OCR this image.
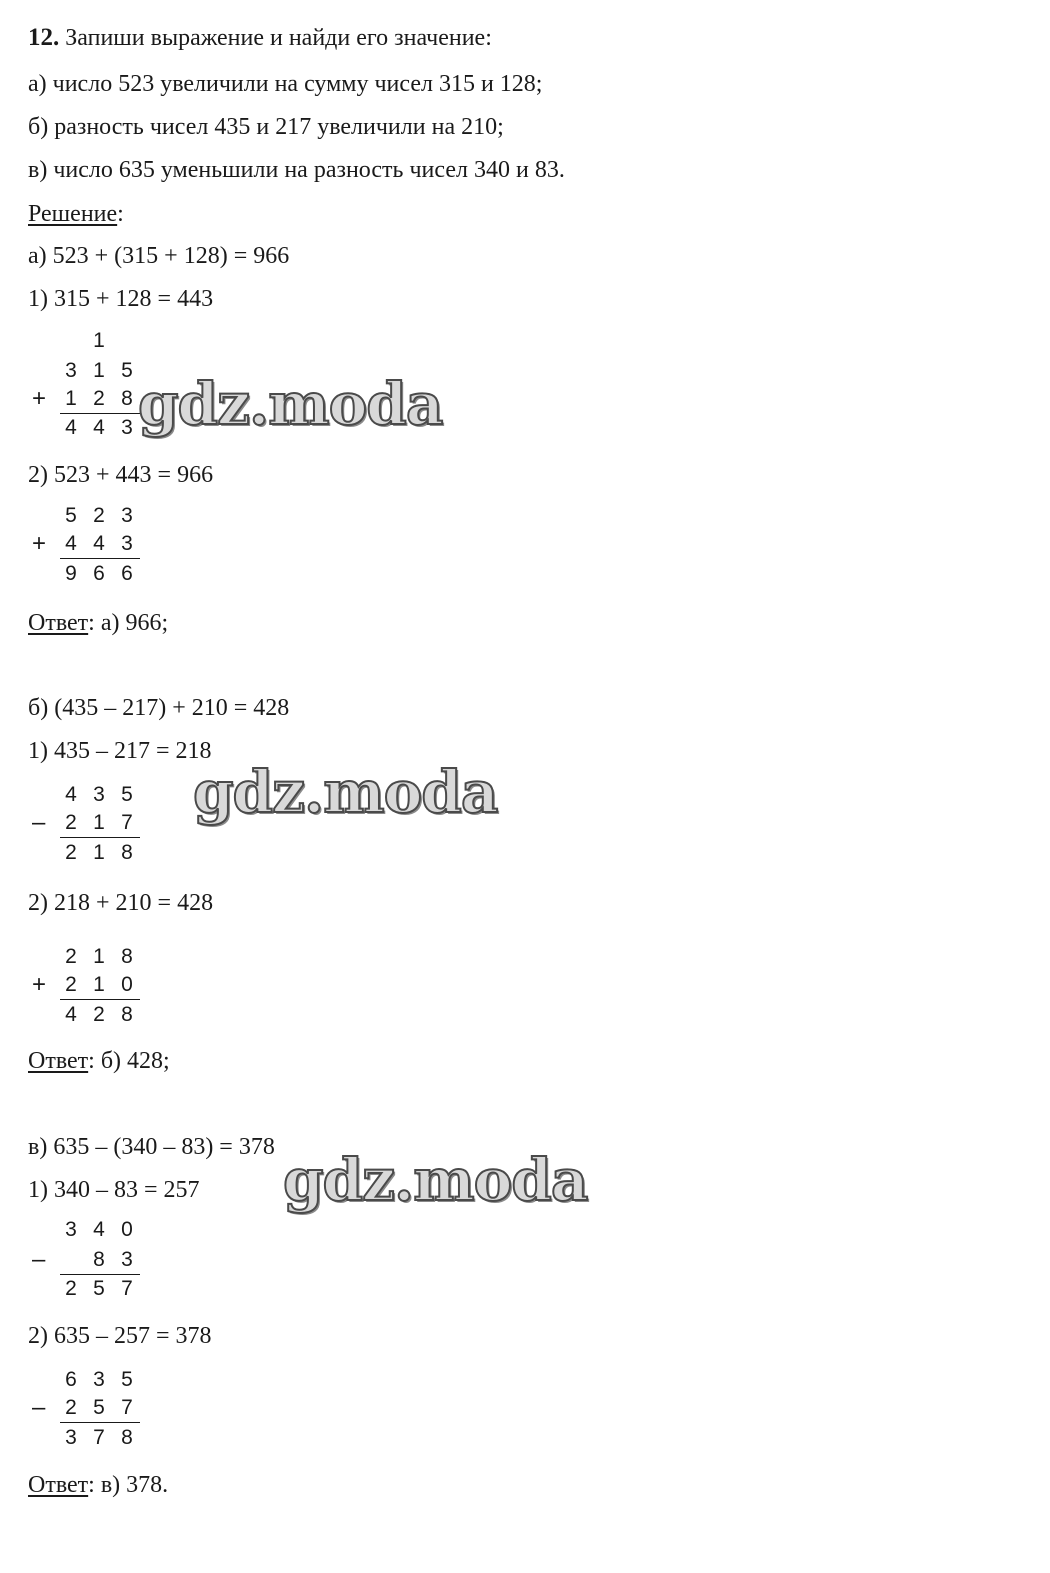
12. Запиши выражение и найди его значение:
а) число 523 увеличили на сумму чисел 315 и 128;
б) разность чисел 435 и 217 увеличили на 210;
в) число 635 уменьшили на разность чисел 340 и 83.
Решение:
а) 523 + (315 + 128) = 966
1) 315 + 128 = 443
1
3 1 5
+ 1 2 8
4 4 3 gdz.moda
2) 523 + 443 = 966
5 2 3
+ 4 4 3
9 6 6
Ответ: а) 966;
б) (435 – 217) + 210 = 428
1) 435 – 217 = 218
4 3 5
– 2 1 7
2 1 8
gdz.moda
2) 218 + 210 = 428
2 1 8
+ 2 1 0
4 2 8
Ответ: б) 428;
в) 635 – (340 – 83) = 378
1) 340 – 83 = 257 gdz.moda
3 4 0
– 8 3
2 5 7
2) 635 – 257 = 378
6 3 5
– 2 5 7
3 7 8
Ответ: в) 378.
